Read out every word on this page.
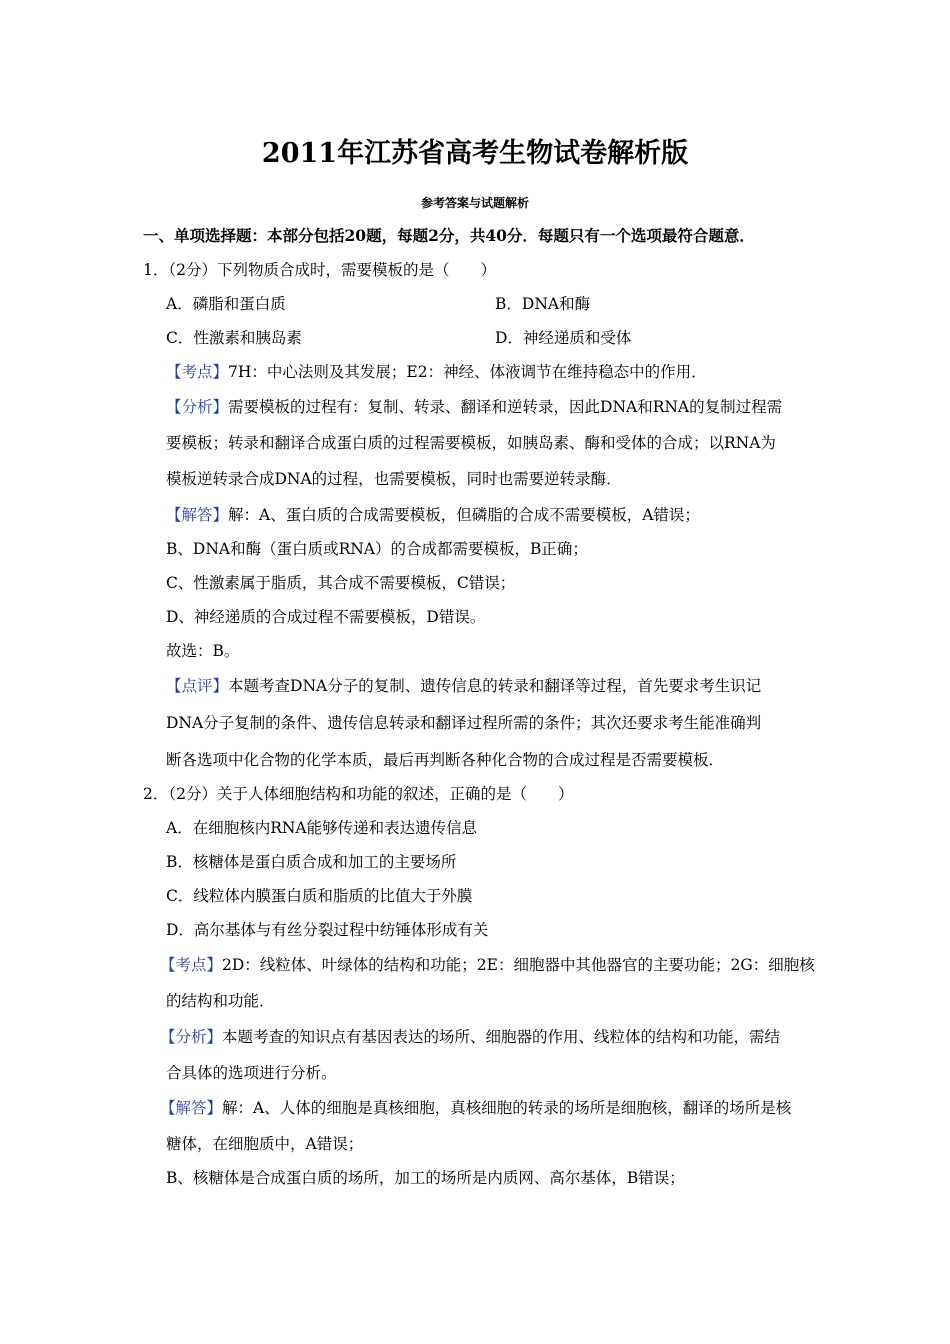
2011年江苏省高考生物试卷解析版
参考答案与试题解析
一、单项选择题：本部分包括20题，每题2分，共40分．每题只有一个选项最符合题意．
1．（2分）下列物质合成时，需要模板的是（　　）
A．磷脂和蛋白质	B．DNA和酶
C．性激素和胰岛素	D．神经递质和受体
【考点】7H：中心法则及其发展；E2：神经、体液调节在维持稳态中的作用．
【分析】需要模板的过程有：复制、转录、翻译和逆转录，因此DNA和RNA的复制过程需
要模板；转录和翻译合成蛋白质的过程需要模板，如胰岛素、酶和受体的合成；以RNA为
模板逆转录合成DNA的过程，也需要模板，同时也需要逆转录酶．
【解答】解：A、蛋白质的合成需要模板，但磷脂的合成不需要模板，A错误；
B、DNA和酶（蛋白质或RNA）的合成都需要模板，B正确；
C、性激素属于脂质，其合成不需要模板，C错误；
D、神经递质的合成过程不需要模板，D错误。
故选：B。
【点评】本题考查DNA分子的复制、遗传信息的转录和翻译等过程，首先要求考生识记
DNA分子复制的条件、遗传信息转录和翻译过程所需的条件；其次还要求考生能准确判
断各选项中化合物的化学本质，最后再判断各种化合物的合成过程是否需要模板．
2．（2分）关于人体细胞结构和功能的叙述，正确的是（　　）
A．在细胞核内RNA能够传递和表达遗传信息
B．核糖体是蛋白质合成和加工的主要场所
C．线粒体内膜蛋白质和脂质的比值大于外膜
D．高尔基体与有丝分裂过程中纺锤体形成有关
【考点】2D：线粒体、叶绿体的结构和功能；2E：细胞器中其他器官的主要功能；2G：细胞核
的结构和功能．
【分析】本题考查的知识点有基因表达的场所、细胞器的作用、线粒体的结构和功能，需结
合具体的选项进行分析。
【解答】解：A、人体的细胞是真核细胞，真核细胞的转录的场所是细胞核，翻译的场所是核
糖体，在细胞质中，A错误；
B、核糖体是合成蛋白质的场所，加工的场所是内质网、高尔基体，B错误；
